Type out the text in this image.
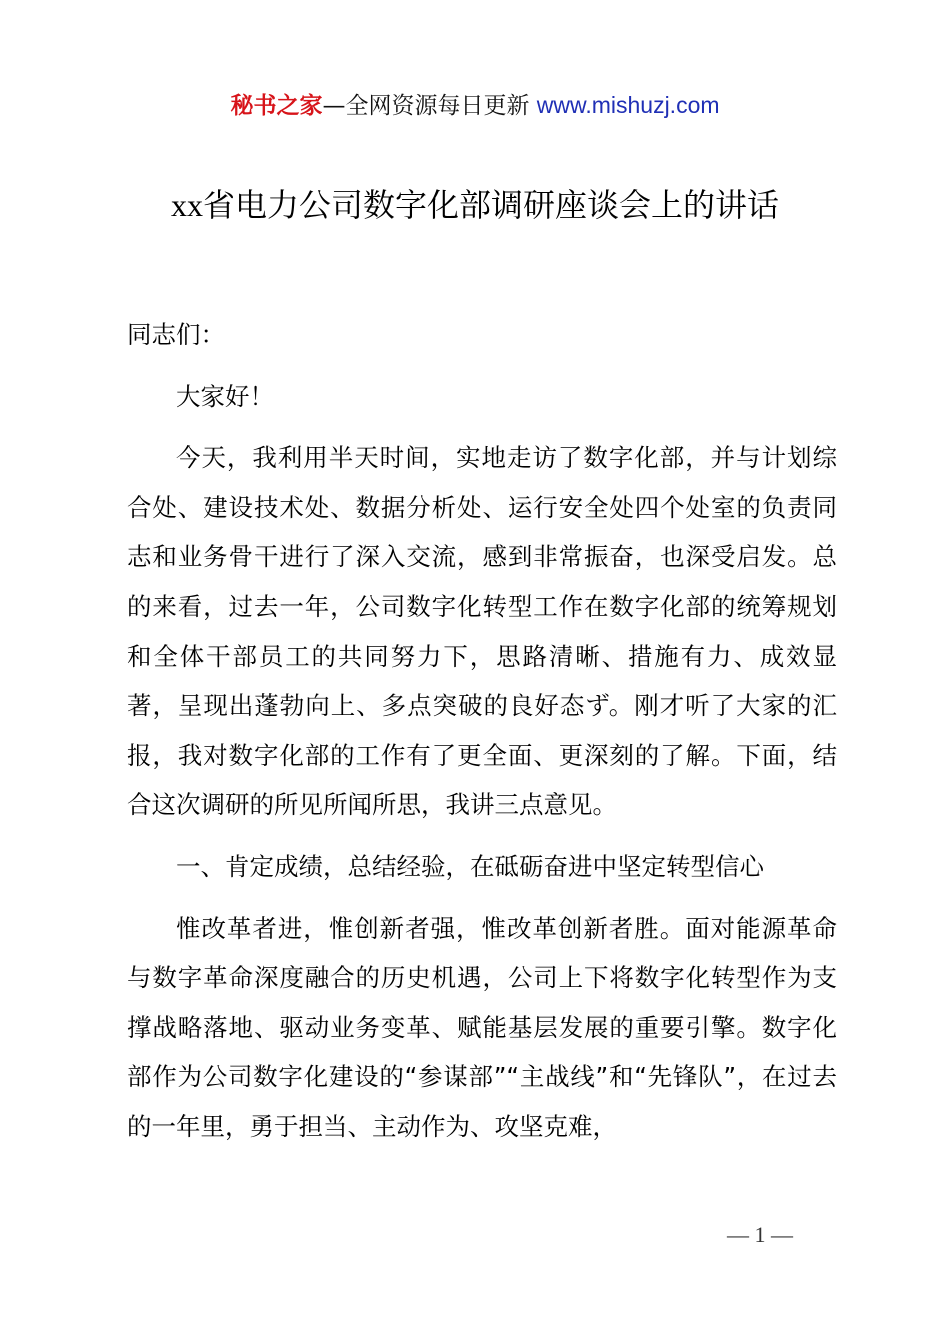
秘书之家—全网资源每日更新 www.mishuzj.com
xx省电力公司数字化部调研座谈会上的讲话

同志们：

大家好！

今天，我利用半天时间，实地走访了数字化部，并与计划综合处、建设技术处、数据分析处、运行安全处四个处室的负责同志和业务骨干进行了深入交流，感到非常振奋，也深受启发。总的来看，过去一年，公司数字化转型工作在数字化部的统筹规划和全体干部员工的共同努力下，思路清晰、措施有力、成效显著，呈现出蓬勃向上、多点突破的良好态ず。刚才听了大家的汇报，我对数字化部的工作有了更全面、更深刻的了解。下面，结合这次调研的所见所闻所思，我讲三点意见。

一、肯定成绩，总结经验，在砥砺奋进中坚定转型信心

惟改革者进，惟创新者强，惟改革创新者胜。面对能源革命与数字革命深度融合的历史机遇，公司上下将数字化转型作为支撑战略落地、驱动业务变革、赋能基层发展的重要引擎。数字化部作为公司数字化建设的“参谋部”“主战线”和“先锋队”，在过去的一年里，勇于担当、主动作为、攻坚克难，

— 1 —
